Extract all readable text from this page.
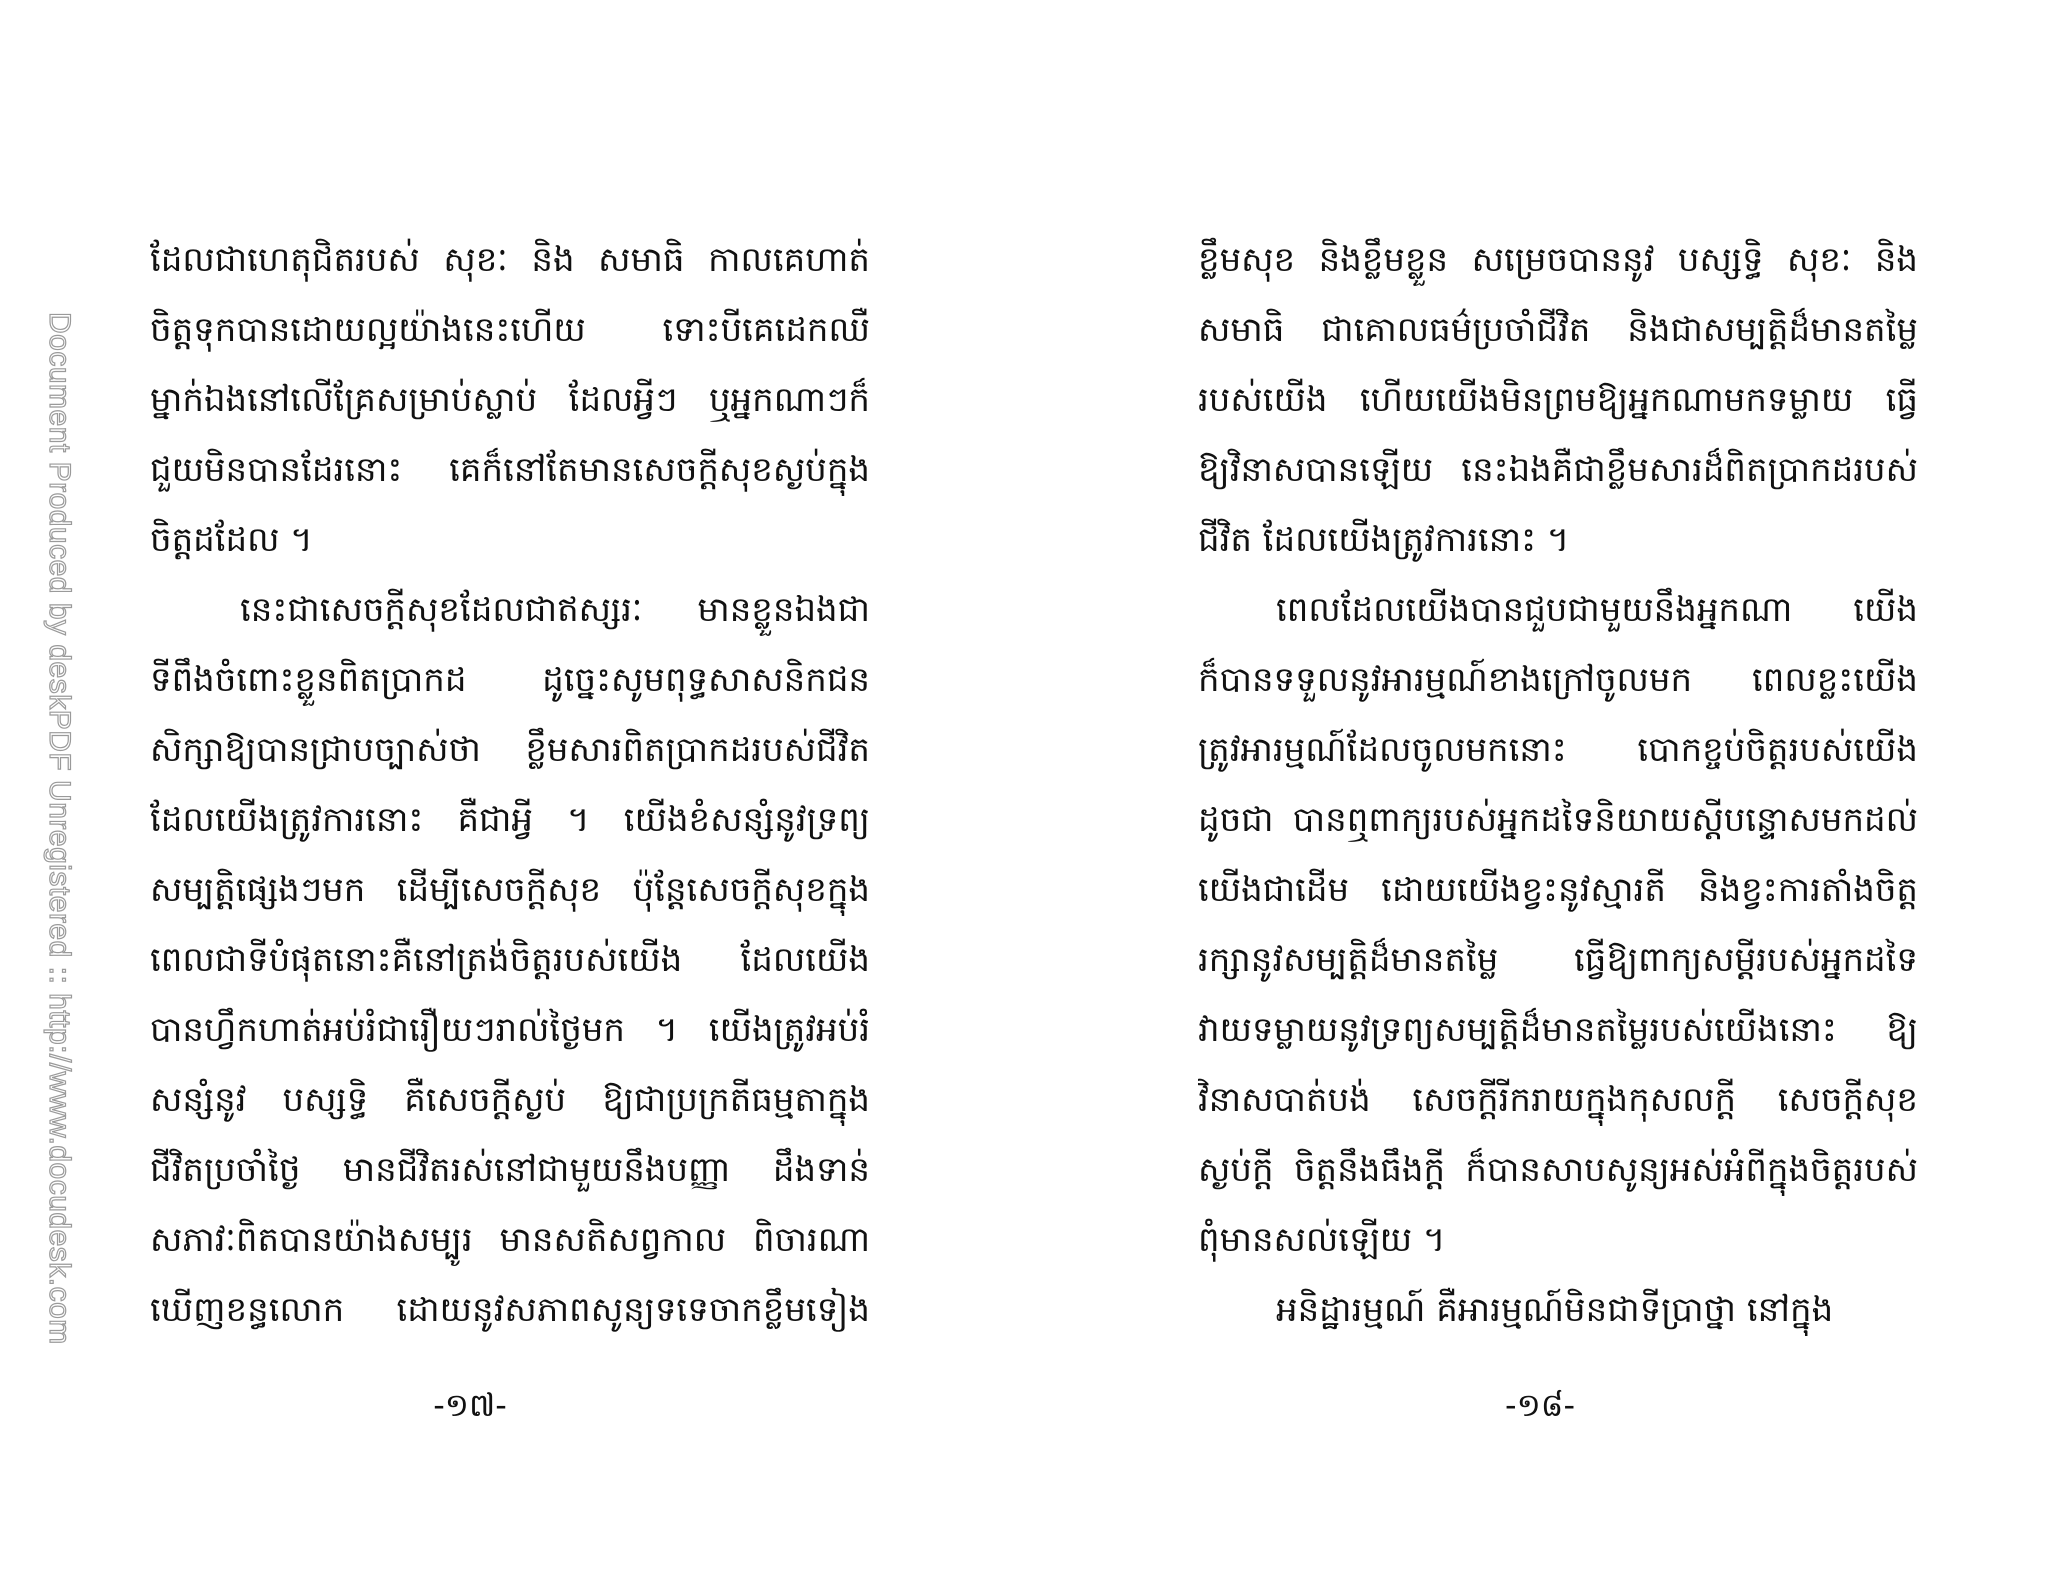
Document Produced by deskPDF Unregistered :: http://www.docudesk.com
ដែលជាហេតុជិតរបស់ សុខៈ និង សមាធិ កាលគេហាត់
ចិត្តទុកបានដោយល្អយ៉ាងនេះហើយ ទោះបីគេដេកឈឺ
ម្នាក់ឯងនៅលើគ្រែសម្រាប់ស្លាប់ ដែលអ្វីៗ ឬអ្នកណាៗក៏
ជួយមិនបានដែរនោះ គេក៏នៅតែមានសេចក្តីសុខស្ងប់ក្នុង
ចិត្តដដែល ។
នេះជាសេចក្តីសុខដែលជាឥស្សរៈ មានខ្លួនឯងជា
ទីពឹងចំពោះខ្លួនពិតប្រាកដ ដូច្នេះសូមពុទ្ធសាសនិកជន
សិក្សាឱ្យបានជ្រាបច្បាស់ថា ខ្លឹមសារពិតប្រាកដរបស់ជីវិត
ដែលយើងត្រូវការនោះ គឺជាអ្វី ។ យើងខំសន្សំនូវទ្រព្យ
សម្បត្តិផ្សេងៗមក ដើម្បីសេចក្តីសុខ ប៉ុន្តែសេចក្តីសុខក្នុង
ពេលជាទីបំផុតនោះគឺនៅត្រង់ចិត្តរបស់យើង ដែលយើង
បានហ្វឹកហាត់អប់រំជារឿយៗរាល់ថ្ងៃមក ។ យើងត្រូវអប់រំ
សន្សំនូវ បស្សទ្ធិ គឺសេចក្តីស្ងប់ ឱ្យជាប្រក្រតីធម្មតាក្នុង
ជីវិតប្រចាំថ្ងៃ មានជីវិតរស់នៅជាមួយនឹងបញ្ញា ដឹងទាន់
សភាវៈពិតបានយ៉ាងសម្បូរ មានសតិសព្វកាល ពិចារណា
ឃើញខន្ធលោក ដោយនូវសភាពសូន្យទទេចាកខ្លឹមទៀង
-១៧-
ខ្លឹមសុខ និងខ្លឹមខ្លួន សម្រេចបាននូវ បស្សទ្ធិ សុខៈ និង
សមាធិ ជាគោលធម៌ប្រចាំជីវិត និងជាសម្បត្តិដ៏មានតម្លៃ
របស់យើង ហើយយើងមិនព្រមឱ្យអ្នកណាមកទម្លាយ ធ្វើ
ឱ្យវិនាសបានឡើយ នេះឯងគឺជាខ្លឹមសារដ៏ពិតប្រាកដរបស់
ជីវិត ដែលយើងត្រូវការនោះ ។
ពេលដែលយើងបានជួបជាមួយនឹងអ្នកណា យើង
ក៏បានទទួលនូវអារម្មណ៍ខាងក្រៅចូលមក ពេលខ្លះយើង
ត្រូវអារម្មណ៍ដែលចូលមកនោះ បោកខ្ចប់ចិត្តរបស់យើង
ដូចជា បានឮពាក្យរបស់អ្នកដទៃនិយាយស្តីបន្ទោសមកដល់
យើងជាដើម ដោយយើងខ្វះនូវស្មារតី និងខ្វះការតាំងចិត្ត
រក្សានូវសម្បត្តិដ៏មានតម្លៃ ធ្វើឱ្យពាក្យសម្តីរបស់អ្នកដទៃ
វាយទម្លាយនូវទ្រព្យសម្បត្តិដ៏មានតម្លៃរបស់យើងនោះ ឱ្យ
វិនាសបាត់បង់ សេចក្តីរីករាយក្នុងកុសលក្តី សេចក្តីសុខ
ស្ងប់ក្តី ចិត្តនឹងធឹងក្តី ក៏បានសាបសូន្យអស់អំពីក្នុងចិត្តរបស់
ពុំមានសល់ឡើយ ។
អនិដ្ឋារម្មណ៍ គឺអារម្មណ៍មិនជាទីប្រាថ្នា នៅក្នុង
-១៨-
